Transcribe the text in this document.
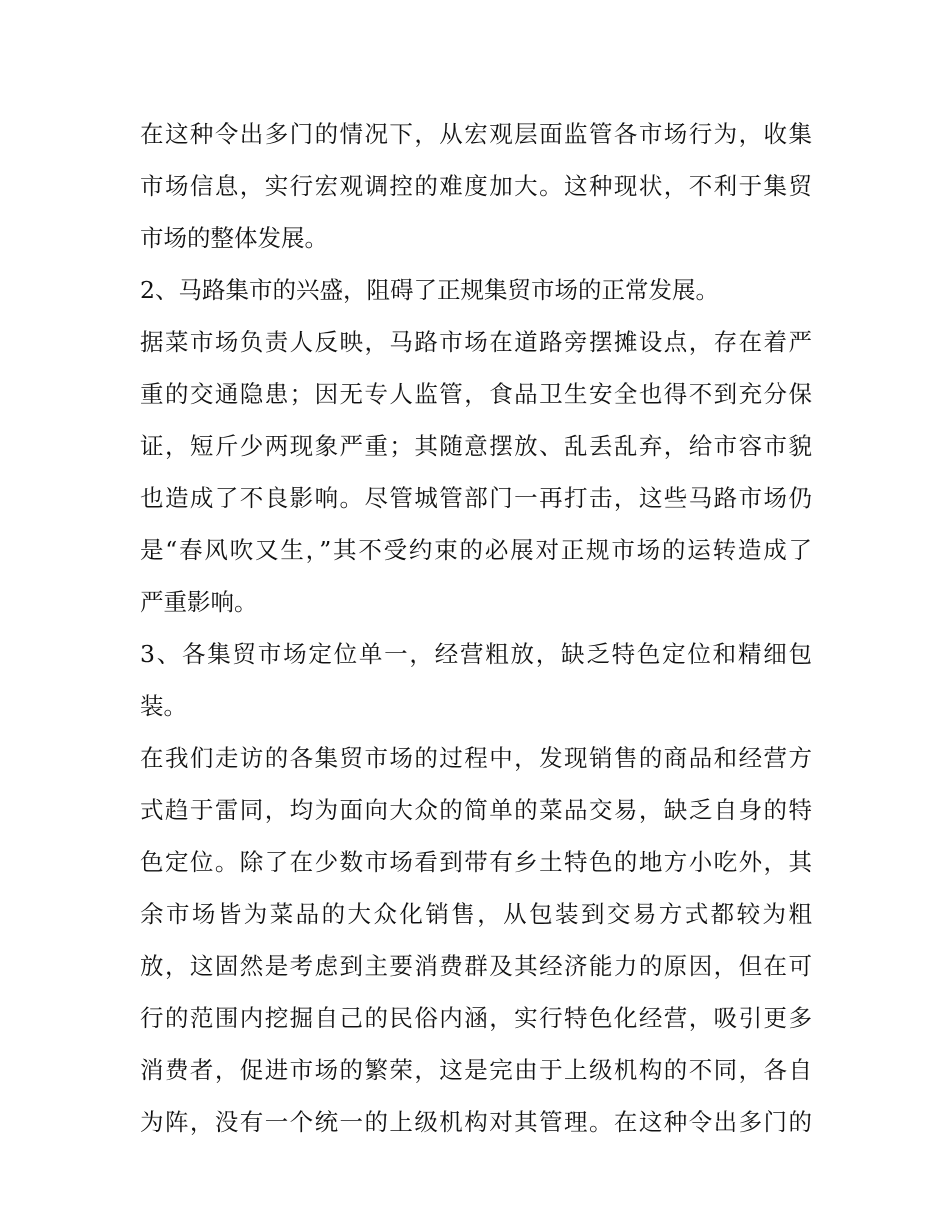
在这种令出多门的情况下，从宏观层面监管各市场行为，收集
市场信息，实行宏观调控的难度加大。这种现状，不利于集贸
市场的整体发展。
2、马路集市的兴盛，阻碍了正规集贸市场的正常发展。
据菜市场负责人反映，马路市场在道路旁摆摊设点，存在着严
重的交通隐患；因无专人监管，食品卫生安全也得不到充分保
证，短斤少两现象严重；其随意摆放、乱丢乱弃，给市容市貌
也造成了不良影响。尽管城管部门一再打击，这些马路市场仍
是“春风吹又生，”其不受约束的必展对正规市场的运转造成了
严重影响。
3、各集贸市场定位单一，经营粗放，缺乏特色定位和精细包
装。
在我们走访的各集贸市场的过程中，发现销售的商品和经营方
式趋于雷同，均为面向大众的简单的菜品交易，缺乏自身的特
色定位。除了在少数市场看到带有乡土特色的地方小吃外，其
余市场皆为菜品的大众化销售，从包装到交易方式都较为粗
放，这固然是考虑到主要消费群及其经济能力的原因，但在可
行的范围内挖掘自己的民俗内涵，实行特色化经营，吸引更多
消费者，促进市场的繁荣，这是完由于上级机构的不同，各自
为阵，没有一个统一的上级机构对其管理。在这种令出多门的
